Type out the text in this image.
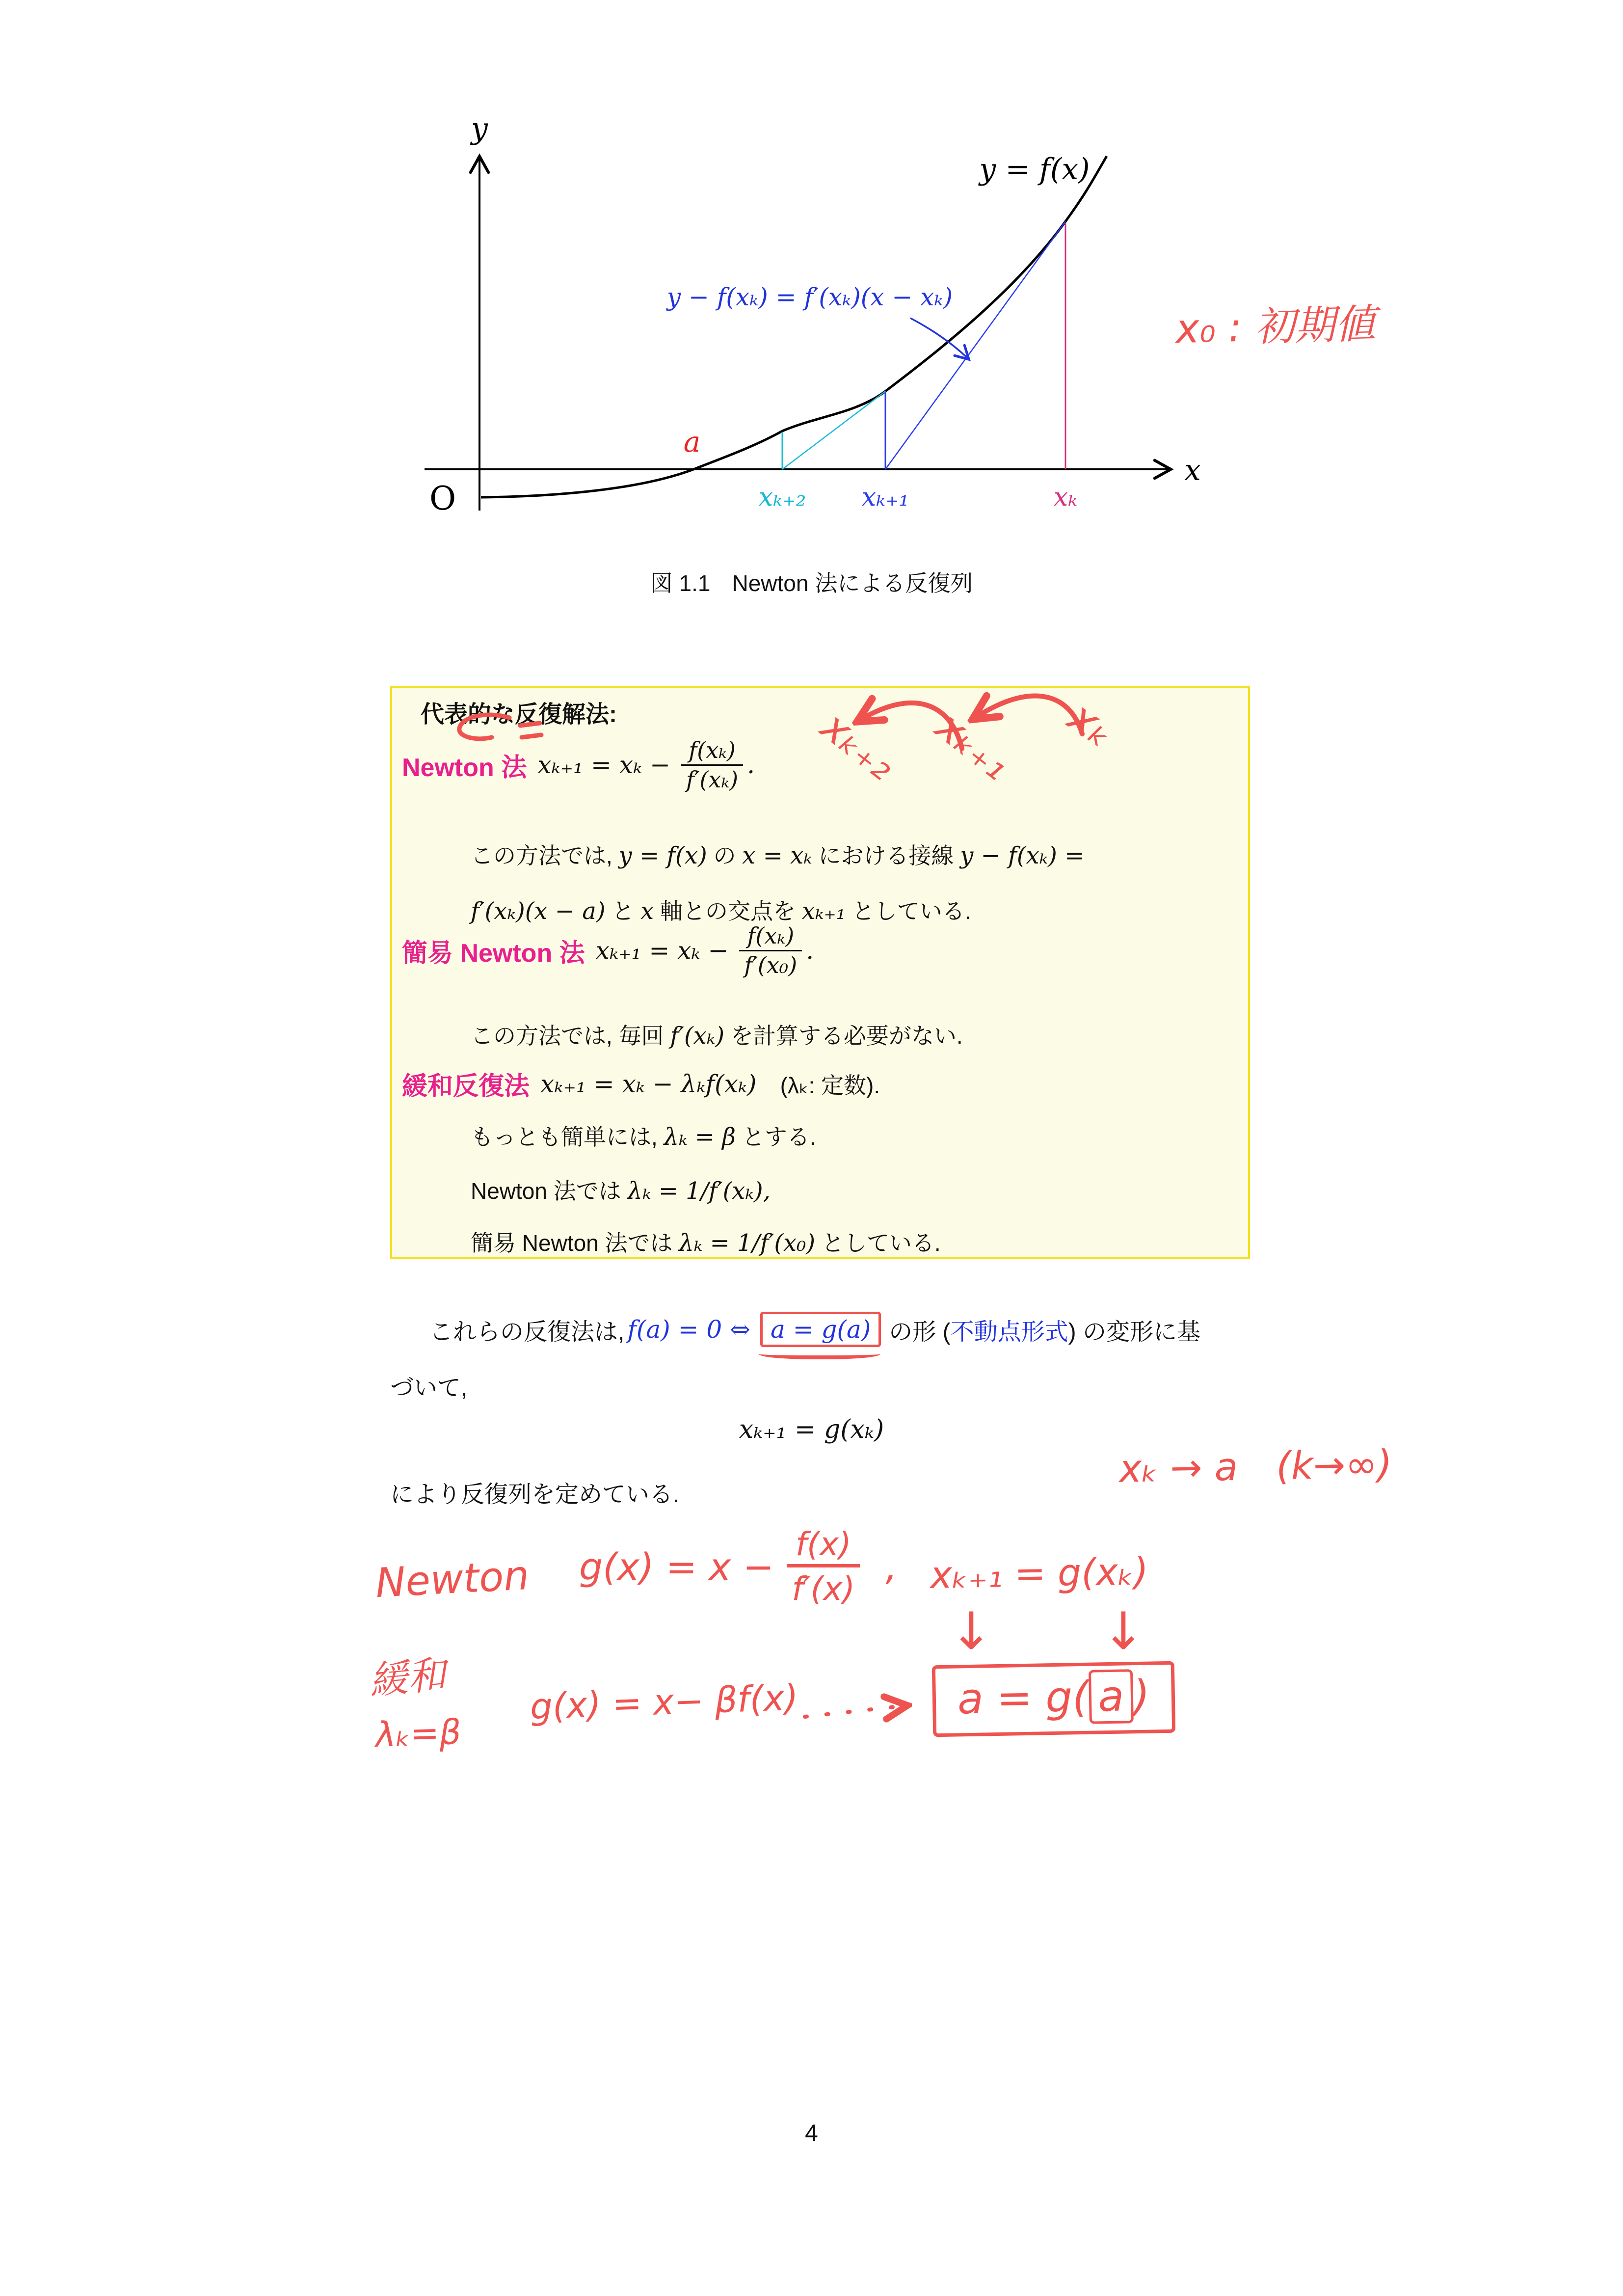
y
x
O
y = f(x)
y − f(xₖ) = f′(xₖ)(x − xₖ)
a
xₖ₊₂ xₖ₊₁	xₖ
x₀ : 初期値
図 1.1 Newton 法による反復列
代表的な反復解法:
Newton 法 $x_{k+1} = x_k - \frac{\text{f(xₖ)}}{\text{f′(xₖ)}}$ .
この方法では, y = f(x) の x = xₖ における接線 y − f(xₖ) =
f′(xₖ)(x − a) と x 軸との交点を xₖ₊₁ としている.
簡易 Newton 法 $x_{k+1} = x_k - \frac{\text{f(xₖ)}}{\text{f′(x₀)}}$ .
この方法では, 毎回 f′(xₖ) を計算する必要がない.
緩和反復法 xₖ₊₁ = xₖ − λₖf(xₖ) (λₖ: 定数).
もっとも簡単には, λₖ = β とする.
Newton 法では λₖ = 1/f′(xₖ),
簡易 Newton 法では λₖ = 1/f′(x₀) としている.
xₖ₊₂ xₖ₊₁ xₖ
これらの反復法は, f(a) = 0 ⇔ a = g(a) の形 ( 不動点形式 ) の変形に基
づいて,
xₖ₊₁ = g(xₖ)
xₖ → a　(k→∞)
により反復列を定めている.
Newton $g(x) = x - \frac{f(x)}{f'(x)}$ , xₖ₊₁ = g(xₖ)
↓ ↓
緩和
λₖ=β
g(x) = x− βf(x)	a = g( a )
4
